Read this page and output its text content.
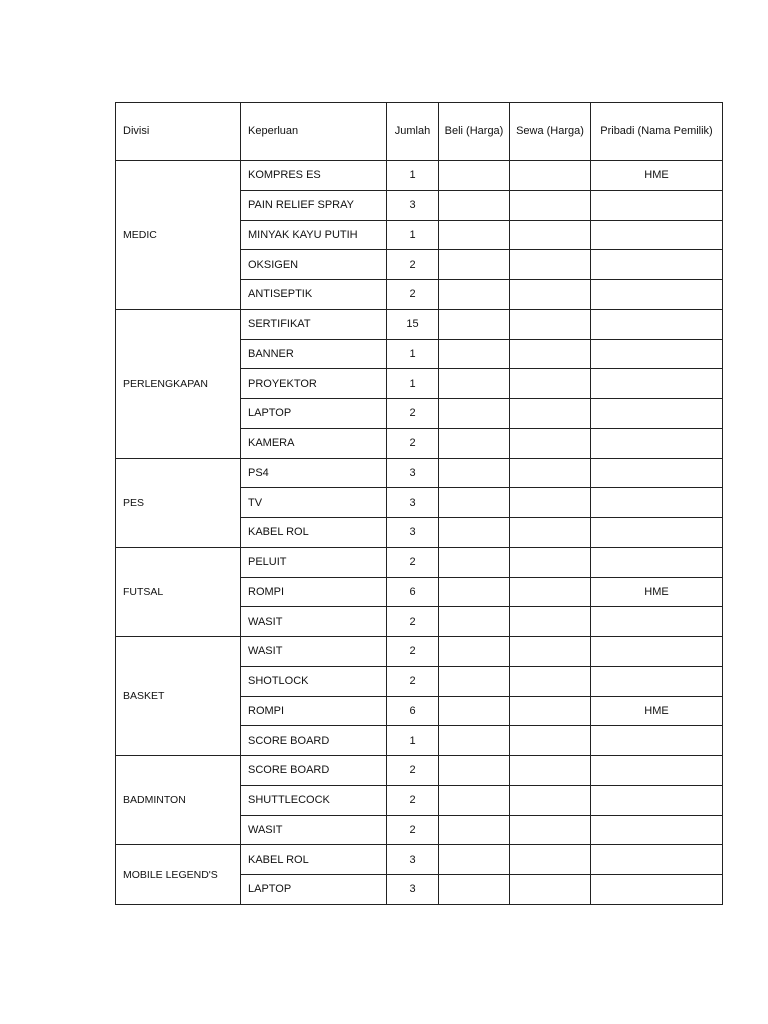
Divisi	Keperluan	Jumlah	Beli (Harga)	Sewa (Harga)	Pribadi (Nama Pemilik)
MEDIC	KOMPRES ES	1			HME
	PAIN RELIEF SPRAY	3			
	MINYAK KAYU PUTIH	1			
	OKSIGEN	2			
	ANTISEPTIK	2			
PERLENGKAPAN	SERTIFIKAT	15			
	BANNER	1			
	PROYEKTOR	1			
	LAPTOP	2			
	KAMERA	2			
PES	PS4	3			
	TV	3			
	KABEL ROL	3			
FUTSAL	PELUIT	2			
	ROMPI	6			HME
	WASIT	2			
BASKET	WASIT	2			
	SHOTLOCK	2			
	ROMPI	6			HME
	SCORE BOARD	1			
BADMINTON	SCORE BOARD	2			
	SHUTTLECOCK	2			
	WASIT	2			
MOBILE LEGEND'S	KABEL ROL	3			
	LAPTOP	3			
